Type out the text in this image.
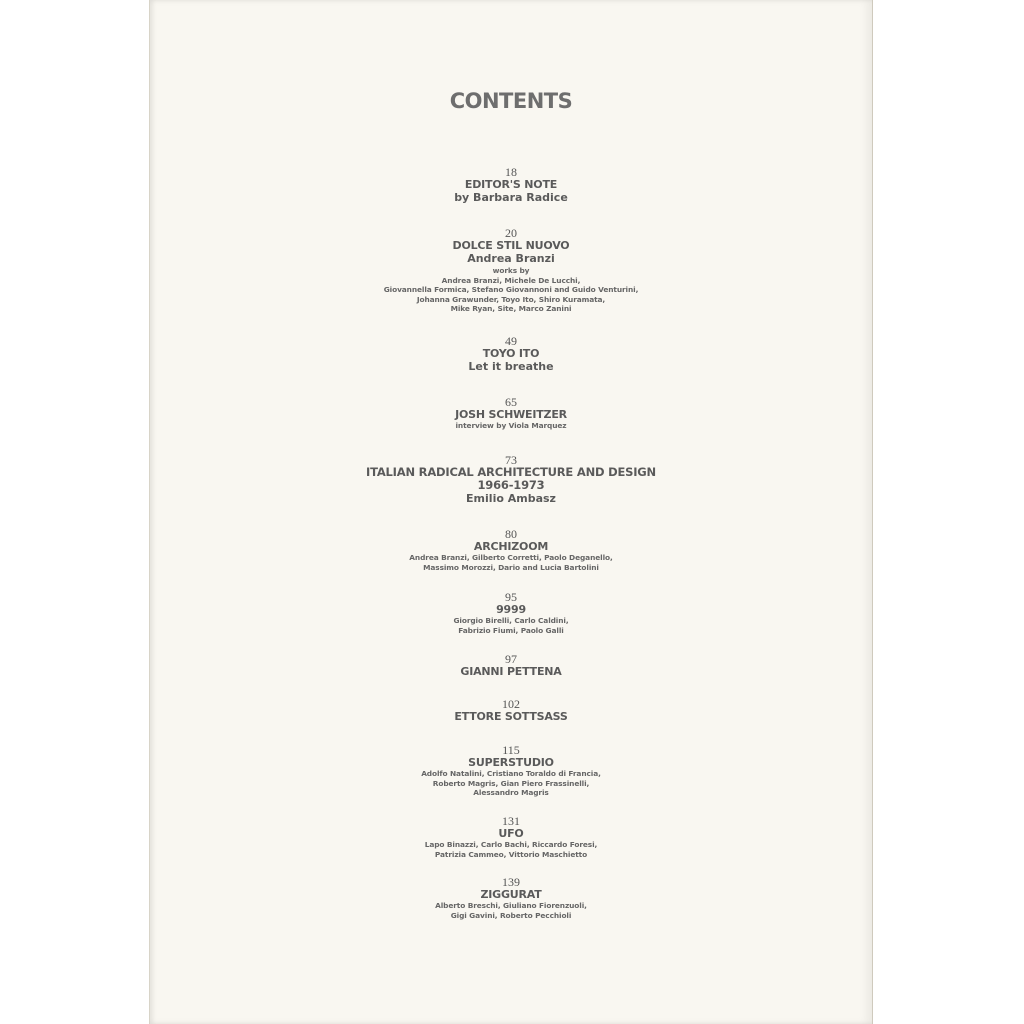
CONTENTS
18
EDITOR'S NOTE
by Barbara Radice
20
DOLCE STIL NUOVO
Andrea Branzi
works by
Andrea Branzi, Michele De Lucchi,
Giovannella Formica, Stefano Giovannoni and Guido Venturini,
Johanna Grawunder, Toyo Ito, Shiro Kuramata,
Mike Ryan, Site, Marco Zanini
49
TOYO ITO
Let it breathe
65
JOSH SCHWEITZER
interview by Viola Marquez
73
ITALIAN RADICAL ARCHITECTURE AND DESIGN
1966-1973
Emilio Ambasz
80
ARCHIZOOM
Andrea Branzi, Gilberto Corretti, Paolo Deganello,
Massimo Morozzi, Dario and Lucia Bartolini
95
9999
Giorgio Birelli, Carlo Caldini,
Fabrizio Fiumi, Paolo Galli
97
GIANNI PETTENA
102
ETTORE SOTTSASS
115
SUPERSTUDIO
Adolfo Natalini, Cristiano Toraldo di Francia,
Roberto Magris, Gian Piero Frassinelli,
Alessandro Magris
131
UFO
Lapo Binazzi, Carlo Bachi, Riccardo Foresi,
Patrizia Cammeo, Vittorio Maschietto
139
ZIGGURAT
Alberto Breschi, Giuliano Fiorenzuoli,
Gigi Gavini, Roberto Pecchioli
